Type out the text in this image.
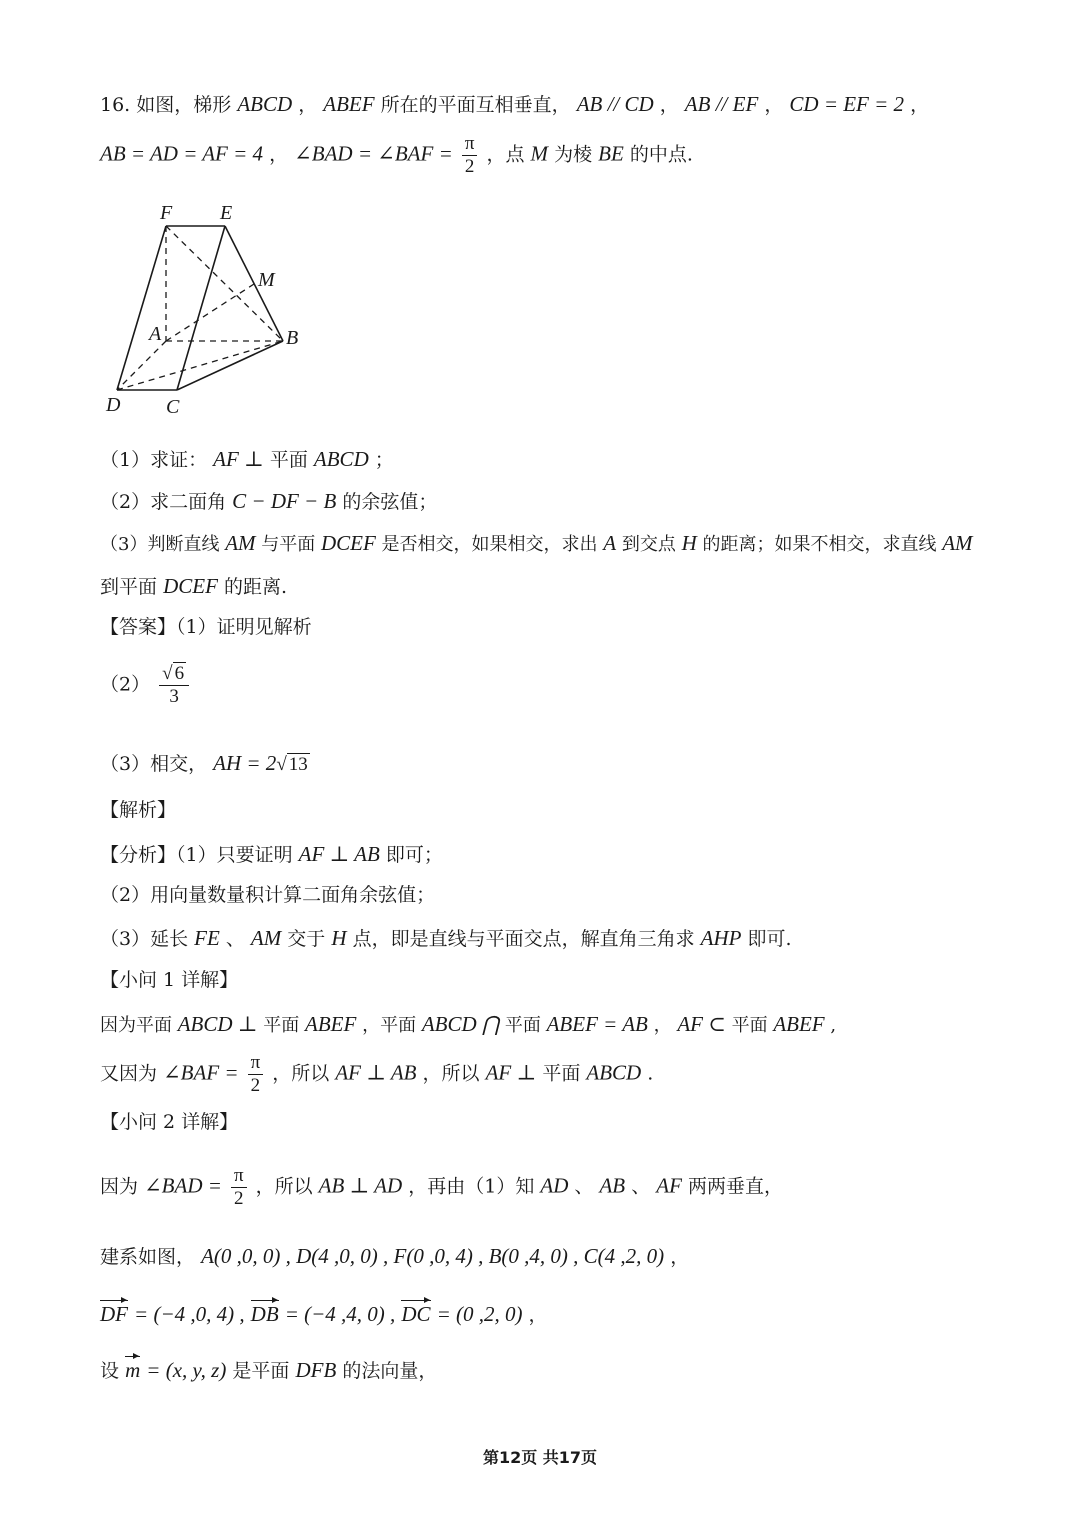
16. 如图，梯形 ABCD ， ABEF 所在的平面互相垂直， AB // CD ， AB // EF ， CD = EF = 2 ，
AB = AD = AF = 4 ， ∠BAD = ∠BAF = $\frac{\pi}{2}$ ，点 M 为棱 BE 的中点.
F E
M
A	B
D C
（1）求证： AF ⊥ 平面 ABCD ；
（2）求二面角 C − DF − B 的余弦值；
（3）判断直线 AM 与平面 DCEF 是否相交，如果相交，求出 A 到交点 H 的距离；如果不相交，求直线 AM
到平面 DCEF 的距离.
【答案】（1）证明见解析
$(2) \frac{√ 6}{3}$
（3）相交， AH = 2√ 13
【解析】
【分析】（1）只要证明 AF ⊥ AB 即可；
（2）用向量数量积计算二面角余弦值；
（3）延长 FE 、 AM 交于 H 点，即是直线与平面交点，解直角三角求 AHP 即可.
【小问 1 详解】
因为平面 ABCD ⊥ 平面 ABEF ，平面 ABCD ⋂ 平面 ABEF = AB ， AF ⊂ 平面 ABEF ,
又因为 ∠BAF = $\frac{\pi}{2}$ ，所以 AF ⊥ AB ，所以 AF ⊥ 平面 ABCD .
【小问 2 详解】
因为 ∠BAD = $\frac{\pi}{2}$ ，所以 AB ⊥ AD ，再由（1）知 AD 、 AB 、 AF 两两垂直，
建系如图， A(0 ,0, 0) , D(4 ,0, 0) , F(0 ,0, 4) , B(0 ,4, 0) , C(4 ,2, 0) ，
DF = (−4 ,0, 4) , DB = (−4 ,4, 0) , DC = (0 ,2, 0) ，
设 m = (x, y, z) 是平面 DFB 的法向量，
第12页 共17页
